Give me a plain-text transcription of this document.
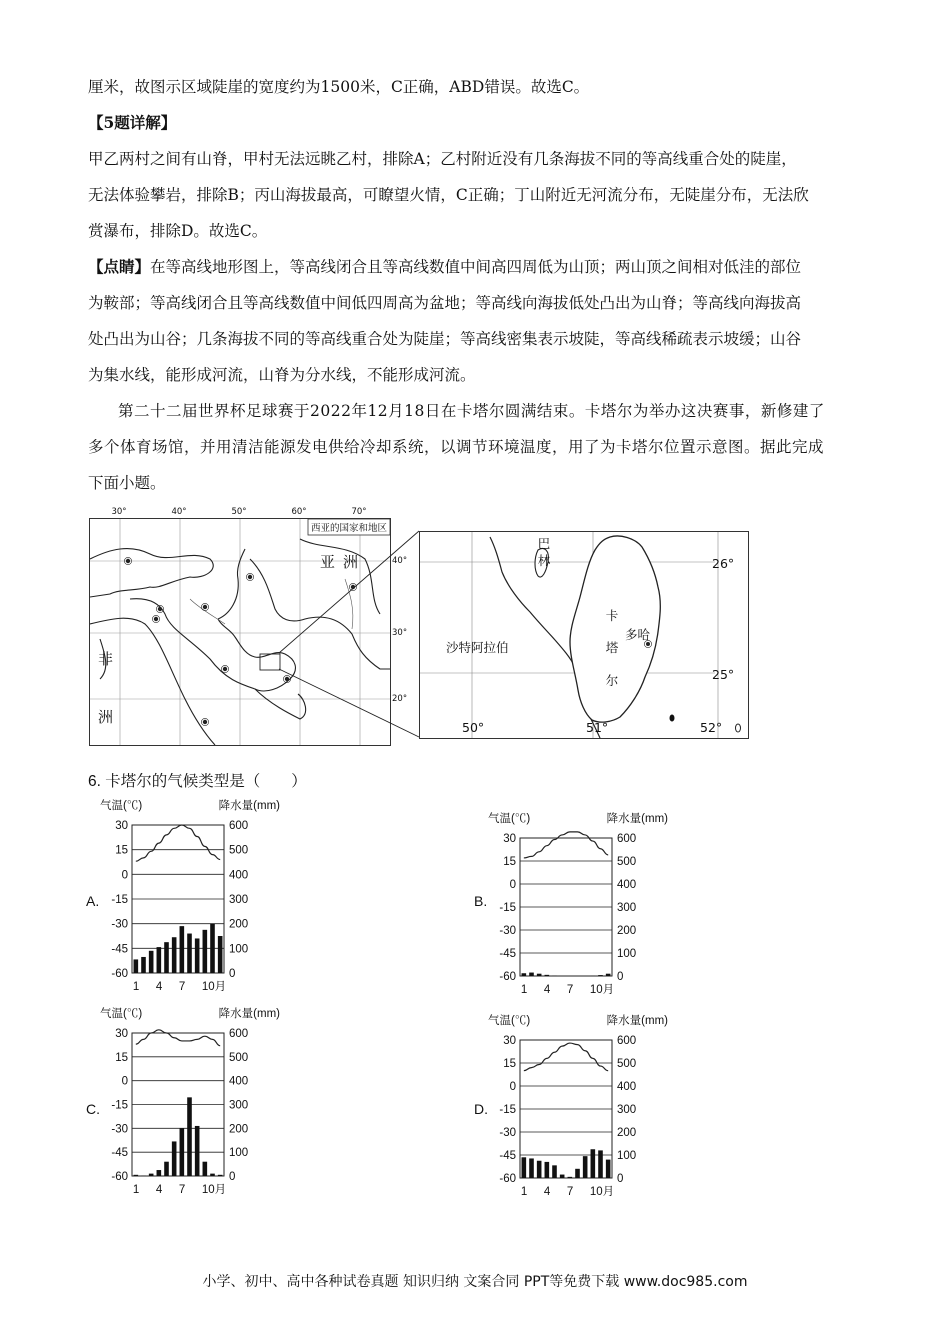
厘米，故图示区域陡崖的宽度约为1500米，C正确，ABD错误。故选C。
【5题详解】
甲乙两村之间有山脊，甲村无法远眺乙村，排除A；乙村附近没有几条海拔不同的等高线重合处的陡崖，
无法体验攀岩，排除B；丙山海拔最高，可瞭望火情，C正确；丁山附近无河流分布，无陡崖分布，无法欣
赏瀑布，排除D。故选C。
【点睛】在等高线地形图上，等高线闭合且等高线数值中间高四周低为山顶；两山顶之间相对低洼的部位
为鞍部；等高线闭合且等高线数值中间低四周高为盆地；等高线向海拔低处凸出为山脊；等高线向海拔高
处凸出为山谷；几条海拔不同的等高线重合处为陡崖；等高线密集表示坡陡，等高线稀疏表示坡缓；山谷
为集水线，能形成河流，山脊为分水线，不能形成河流。
第二十二届世界杯足球赛于2022年12月18日在卡塔尔圆满结束。卡塔尔为举办这决赛事，新修建了
多个体育场馆，并用清洁能源发电供给冷却系统，以调节环境温度，用了为卡塔尔位置示意图。据此完成
下面小题。
西亚的国家和地区
亚 洲
非
洲
30°	40°	50°	60°	70°
40°
30°
20°
巴
林
卡
塔
尔
多哈
沙特阿拉伯
26°
25°
50°	51°	52°
6. 卡塔尔的气候类型是（　　）
A.	B.
C.	D.
气温(℃)	降水量(mm)
30	600
15	500
0	400
-15	300
-30	200
-45	100
-60	0
1 4 7 10月
气温(℃)	降水量(mm)
30	600
15	500
0	400
-15	300
-30	200
-45	100
-60	0
1 4 7 10月
气温(℃)	降水量(mm)
30	600
15	500
0	400
-15	300
-30	200
-45	100
-60	0
1 4 7 10月
气温(℃)	降水量(mm)
30	600
15	500
0	400
-15	300
-30	200
-45	100
-60	0
1 4 7 10月
小学、初中、高中各种试卷真题 知识归纳 文案合同 PPT等免费下载 www.doc985.com
